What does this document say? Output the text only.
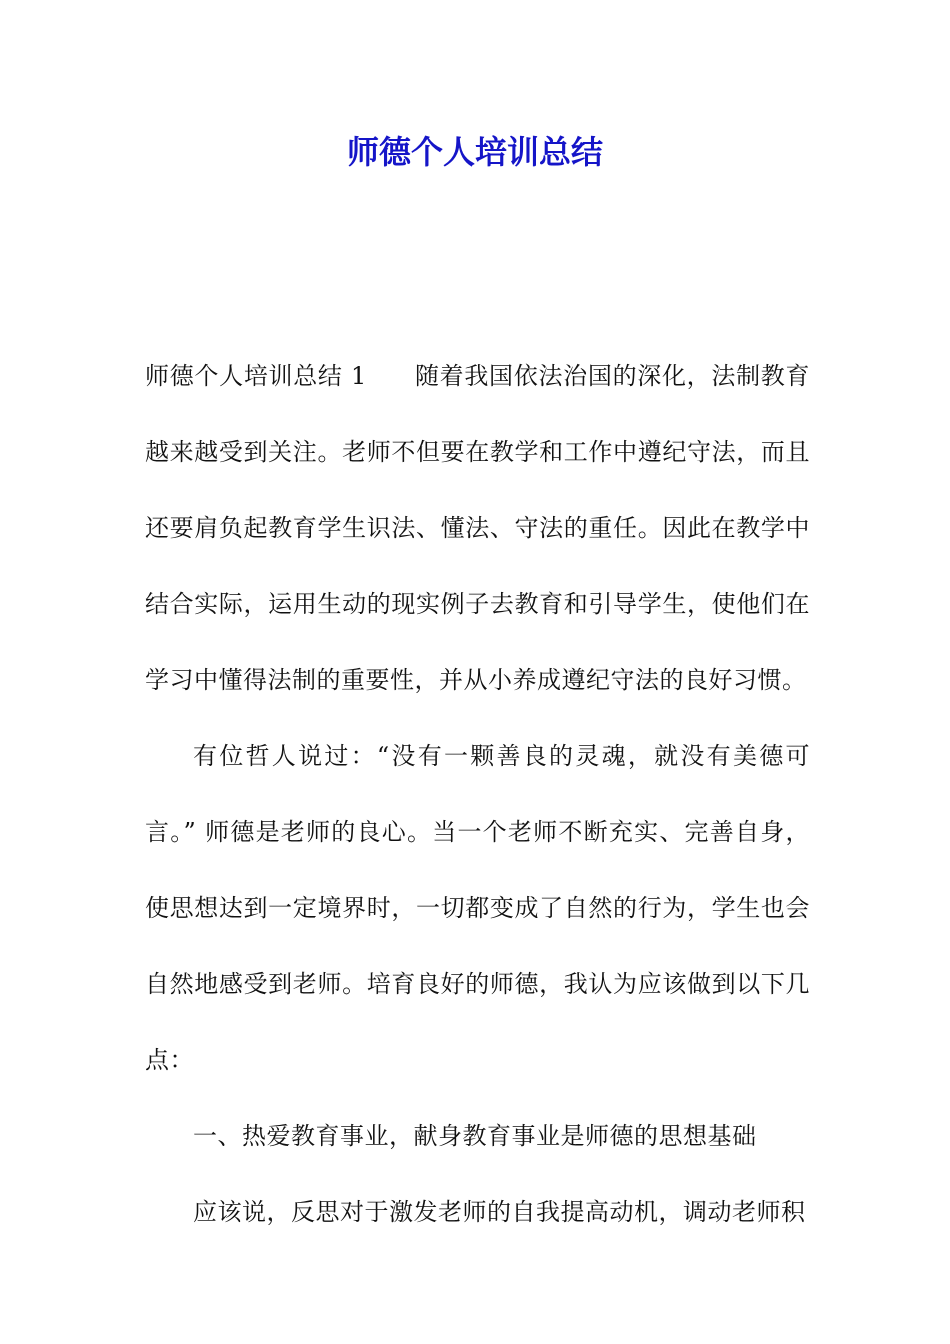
师德个人培训总结

师德个人培训总结 1 随着我国依法治国的深化，法制教育越来越受到关注。老师不但要在教学和工作中遵纪守法，而且还要肩负起教育学生识法、懂法、守法的重任。因此在教学中结合实际，运用生动的现实例子去教育和引导学生，使他们在学习中懂得法制的重要性，并从小养成遵纪守法的良好习惯。

有位哲人说过：“没有一颗善良的灵魂，就没有美德可言。” 师德是老师的良心。当一个老师不断充实、完善自身，使思想达到一定境界时，一切都变成了自然的行为，学生也会自然地感受到老师。培育良好的师德，我认为应该做到以下几点：

一、热爱教育事业，献身教育事业是师德的思想基础

应该说，反思对于激发老师的自我提高动机，调动老师积
